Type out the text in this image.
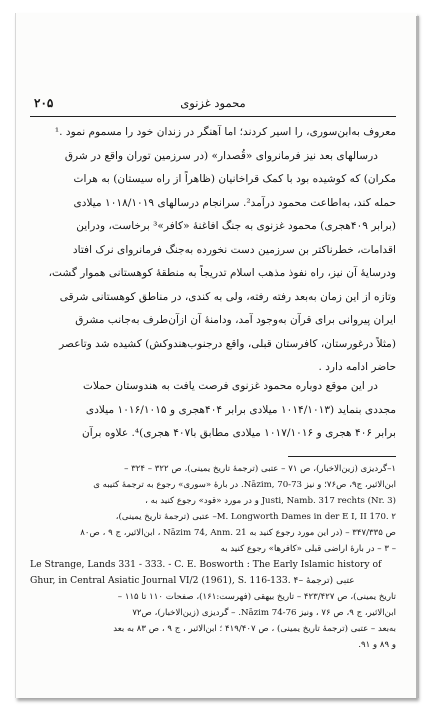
محمود غزنوی
۲۰۵
معروف به‌ابن‌سوری، را اسیر کردند؛ اما آهنگر در زندان خود را مسموم نمود .¹
درسالهای بعد نیز فرمانروای «قُصدار» (در سرزمین توران واقع در شرق
مکران) که کوشیده بود با کمک قراخانیان (ظاهراً از راه سیستان) به هرات
حمله کند، به‌اطاعت محمود درآمد². سرانجام درسالهای ۱۰۱۸/۱۰۱۹ میلادی
(برابر ۴۰۹هجری) محمود غزنوی به جنگ افاغنهٔ «کافر»³ برخاست، ودراین
اقدامات، خطرناکتر بن سرزمین دست نخورده به‌جنگ فرمانروای نرک افتاد
ودرسایهٔ آن نیز، راه نفوذ مذهب اسلام تدریجاً به منطقهٔ کوهستانی هموار گشت،
وتازه از این زمان به‌بعد رفته رفته، ولی به کندی، در مناطق کوهستانی شرقی
ایران پیروانی برای قرآن به‌وجود آمد، ودامنهٔ آن ازآن‌طرف به‌جانب مشرق
(مثلاً درغورستان، کافرستان قبلی، واقع درجنوب‌هندوکش) کشیده شد وتاعصر
حاضر ادامه دارد .
در این موقع دوباره محمود غزنوی فرصت یافت به هندوستان حملات
مجددی بنماید (۱۰۱۴/۱۰۱۳ میلادی برابر ۴۰۴هجری و ۱۰۱۶/۱۰۱۵ میلادی
برابر ۴۰۶ هجری و ۱۰۱۷/۱۰۱۶ میلادی مطابق با۴۰۷ هجری)⁴. علاوه برآن
۱–گردیزی (زین‌الاخبار)، ص ۷۱ – عتبی (ترجمهٔ تاریخ یمینی)، ص ۳۲۲ – ۳۲۴ –
ابن‌الاثیر، ج۹، ص۷۶؛ و نیز Nāzim, 70-73. در بارهٔ «سوری» رجوع به ترجمهٔ کتیبه ی
Justi, Namb. 317 rechts (Nr. 3) و در مورد «قود» رجوع کنید به ،
M. Longworth Dames in der E I, II 170. ۲– عتبی (ترجمهٔ تاریخ یمینی)،
ص ۳۴۷/۳۳۵ – (در این مورد رجوع کنید به Nāzim 74, Anm. 21 ، ابن‌الاثیر، ج ۹ ، ص۸۰
– ۳ – در بارهٔ اراضی قبلی «کافرها» رجوع کنید به
Le Strange, Lands 331 - 333. - C. E. Bosworth : The Early Islamic history of
Ghur, in Central Asiatic Journal VI/2 (1961), S. 116-133. ۴– عتبی (ترجمهٔ
تاریخ یمینی)، ص ۴۲۳/۴۲۷ – تاریخ بیهقی (فهرست:۱۶۱)، صفحات ۱۱۰ تا ۱۱۵ –
ابن‌الاثیر، ج ۹، ص ۷۶ ، ونیز Nāzim 74-76. – گردیزی (زین‌الاخبار)، ص۷۲
به‌بعد – عتبی (ترجمهٔ تاریخ یمینی) ، ص ۴۱۹/۴۰۷ ؛ ابن‌الاثیر ، ج ۹ ، ص ۸۳ به بعد
و ۸۹ و ۹۱.
